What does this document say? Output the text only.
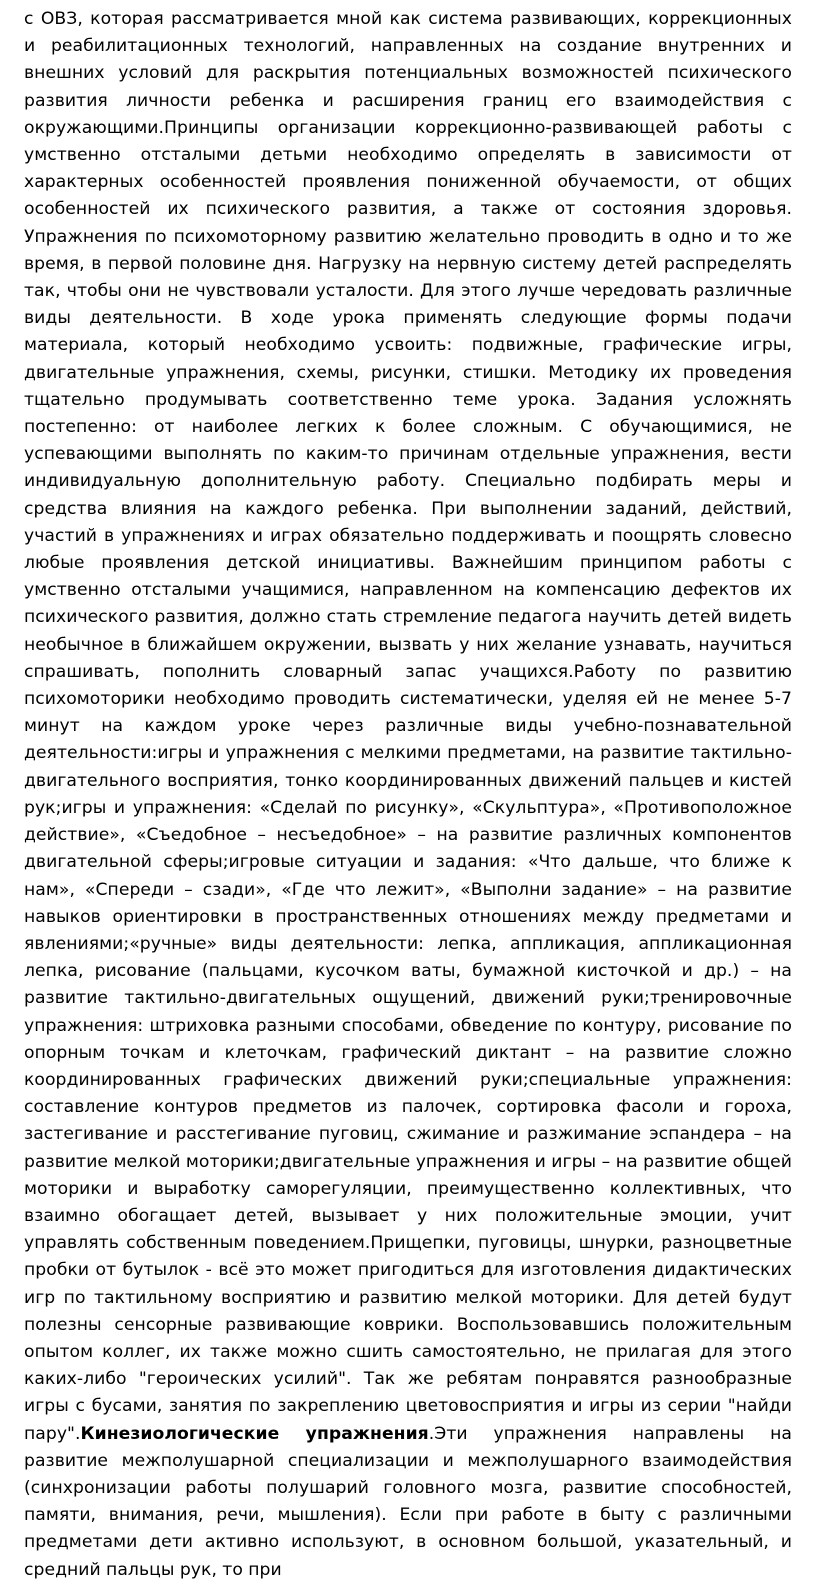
с ОВЗ, которая рассматривается мной как система развивающих, коррекционных и реабилитационных технологий, направленных на создание внутренних и внешних условий для раскрытия потенциальных возможностей психического развития личности ребенка и расширения границ его взаимодействия с окружающими.Принципы организации коррекционно-развивающей работы с умственно отсталыми детьми необходимо определять в зависимости от характерных особенностей проявления пониженной обучаемости, от общих особенностей их психического развития, а также от состояния здоровья. Упражнения по психомоторному развитию желательно проводить в одно и то же время, в первой половине дня. Нагрузку на нервную систему детей распределять так, чтобы они не чувствовали усталости. Для этого лучше чередовать различные виды деятельности. В ходе урока применять следующие формы подачи материала, который необходимо усвоить: подвижные, графические игры, двигательные упражнения, схемы, рисунки, стишки. Методику их проведения тщательно продумывать соответственно теме урока. Задания усложнять постепенно: от наиболее легких к более сложным. С обучающимися, не успевающими выполнять по каким-то причинам отдельные упражнения, вести индивидуальную дополнительную работу. Специально подбирать меры и средства влияния на каждого ребенка. При выполнении заданий, действий, участий в упражнениях и играх обязательно поддерживать и поощрять словесно любые проявления детской инициативы. Важнейшим принципом работы с умственно отсталыми учащимися, направленном на компенсацию дефектов их психического развития, должно стать стремление педагога научить детей видеть необычное в ближайшем окружении, вызвать у них желание узнавать, научиться спрашивать, пополнить словарный запас учащихся.Работу по развитию психомоторики необходимо проводить систематически, уделяя ей не менее 5-7 минут на каждом уроке через различные виды учебно-познавательной деятельности:игры и упражнения с мелкими предметами, на развитие тактильно-двигательного восприятия, тонко координированных движений пальцев и кистей рук;игры и упражнения: «Сделай по рисунку», «Скульптура», «Противоположное действие», «Съедобное – несъедобное» – на развитие различных компонентов двигательной сферы;игровые ситуации и задания: «Что дальше, что ближе к нам», «Спереди – сзади», «Где что лежит», «Выполни задание» – на развитие навыков ориентировки в пространственных отношениях между предметами и явлениями;«ручные» виды деятельности: лепка, аппликация, аппликационная лепка, рисование (пальцами, кусочком ваты, бумажной кисточкой и др.) – на развитие тактильно-двигательных ощущений, движений руки;тренировочные упражнения: штриховка разными способами, обведение по контуру, рисование по опорным точкам и клеточкам, графический диктант – на развитие сложно координированных графических движений руки;специальные упражнения: составление контуров предметов из палочек, сортировка фасоли и гороха, застегивание и расстегивание пуговиц, сжимание и разжимание эспандера – на развитие мелкой моторики;двигательные упражнения и игры – на развитие общей моторики и выработку саморегуляции, преимущественно коллективных, что взаимно обогащает детей, вызывает у них положительные эмоции, учит управлять собственным поведением.Прищепки, пуговицы, шнурки, разноцветные пробки от бутылок - всё это может пригодиться для изготовления дидактических игр по тактильному восприятию и развитию мелкой моторики. Для детей будут полезны сенсорные развивающие коврики. Воспользовавшись положительным опытом коллег, их также можно сшить самостоятельно, не прилагая для этого каких-либо "героических усилий". Так же ребятам понравятся разнообразные игры с бусами, занятия по закреплению цветовосприятия и игры из серии "найди пару".Кинезиологические упражнения.Эти упражнения направлены на развитие межполушарной специализации и межполушарного взаимодействия (синхронизации работы полушарий головного мозга, развитие способностей, памяти, внимания, речи, мышления). Если при работе в быту с различными предметами дети активно используют, в основном большой, указательный, и средний пальцы рук, то при
